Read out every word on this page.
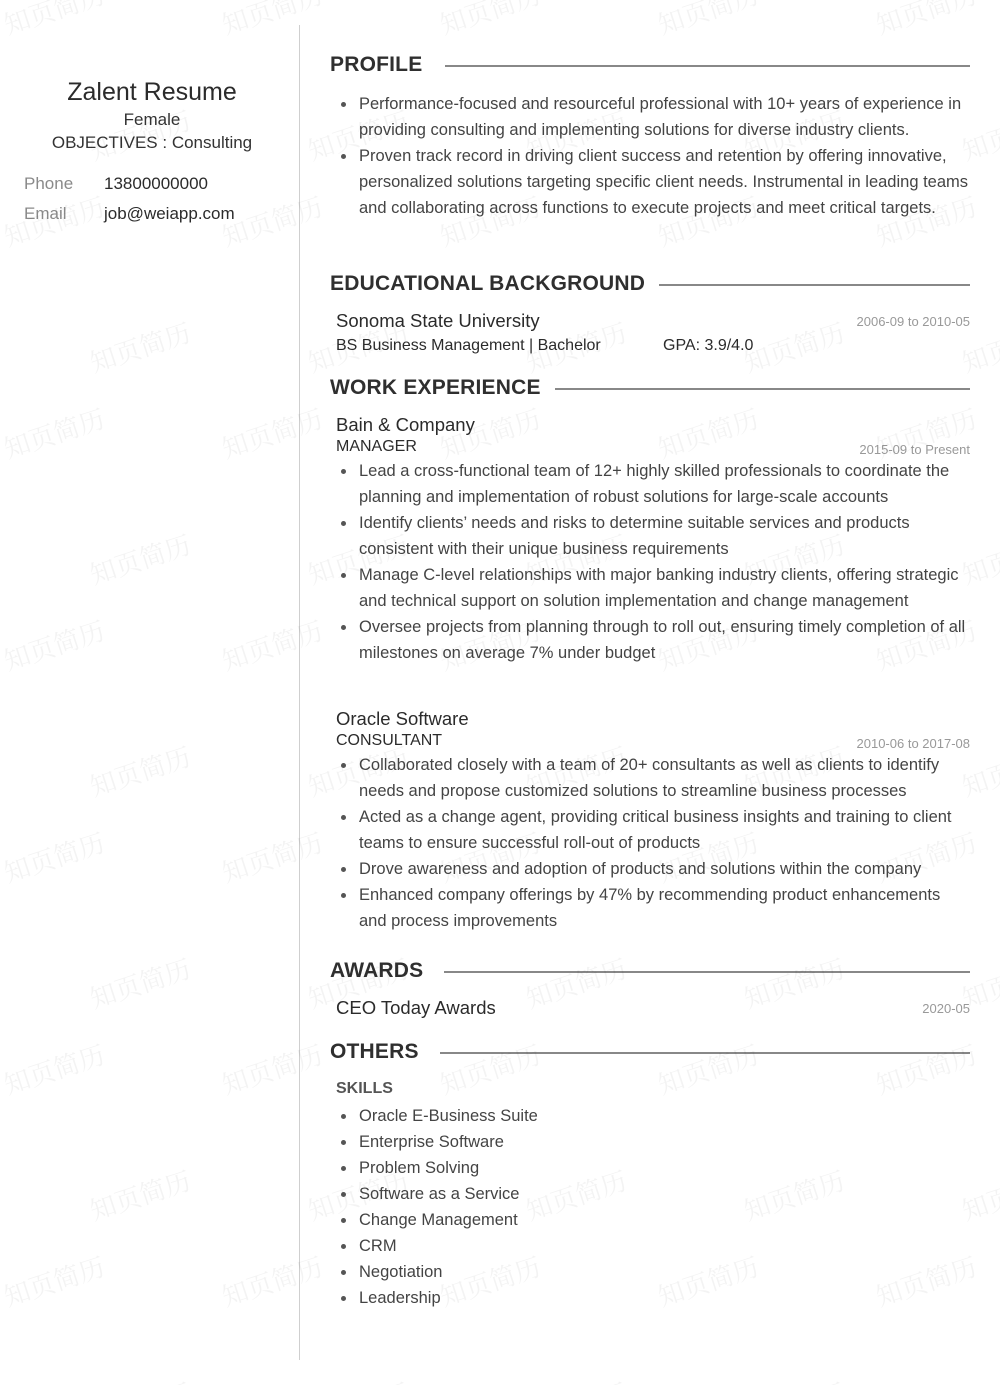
Zalent Resume
Female
OBJECTIVES : Consulting
Phone 13800000000
Email job@weiapp.com
PROFILE
Performance-focused and resourceful professional with 10+ years of experience in providing consulting and implementing solutions for diverse industry clients.
Proven track record in driving client success and retention by offering innovative, personalized solutions targeting specific client needs. Instrumental in leading teams and collaborating across functions to execute projects and meet critical targets.
EDUCATIONAL BACKGROUND
Sonoma State University	2006-09 to 2010-05
BS Business Management | Bachelor	GPA: 3.9/4.0
WORK EXPERIENCE
Bain & Company
MANAGER	2015-09 to Present
Lead a cross-functional team of 12+ highly skilled professionals to coordinate the planning and implementation of robust solutions for large-scale accounts
Identify clients’ needs and risks to determine suitable services and products consistent with their unique business requirements
Manage C-level relationships with major banking industry clients, offering strategic and technical support on solution implementation and change management
Oversee projects from planning through to roll out, ensuring timely completion of all milestones on average 7% under budget
Oracle Software
CONSULTANT	2010-06 to 2017-08
Collaborated closely with a team of 20+ consultants as well as clients to identify needs and propose customized solutions to streamline business processes
Acted as a change agent, providing critical business insights and training to client teams to ensure successful roll-out of products
Drove awareness and adoption of products and solutions within the company
Enhanced company offerings by 47% by recommending product enhancements and process improvements
AWARDS
CEO Today Awards	2020-05
OTHERS
SKILLS
Oracle E-Business Suite
Enterprise Software
Problem Solving
Software as a Service
Change Management
CRM
Negotiation
Leadership
